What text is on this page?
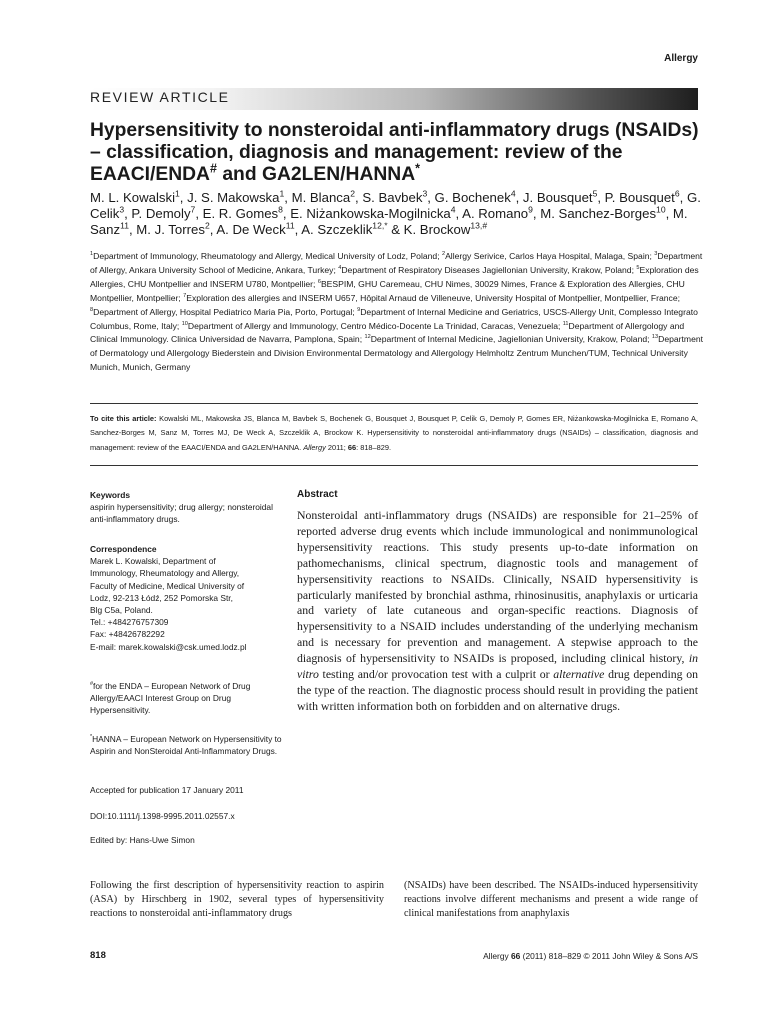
Allergy
REVIEW ARTICLE
Hypersensitivity to nonsteroidal anti-inflammatory drugs (NSAIDs) – classification, diagnosis and management: review of the EAACI/ENDA# and GA2LEN/HANNA*
M. L. Kowalski$^1$, J. S. Makowska$^1$, M. Blanca$^2$, S. Bavbek$^3$, G. Bochenek$^4$, J. Bousquet$^5$, P. Bousquet$^6$, G. Celik$^3$, P. Demoly$^7$, E. R. Gomes$^8$, E. Niżankowska-Mogilnicka$^4$, A. Romano$^9$, M. Sanchez-Borges$^{10}$, M. Sanz$^{11}$, M. J. Torres$^2$, A. De Weck$^{11}$, A. Szczeklik$^{12,*}$ & K. Brockow$^{13,\#}$
$^1$Department of Immunology, Rheumatology and Allergy, Medical University of Lodz, Poland; $^2$Allergy Serivice, Carlos Haya Hospital, Malaga, Spain; $^3$Department of Allergy, Ankara University School of Medicine, Ankara, Turkey; $^4$Department of Respiratory Diseases Jagiellonian University, Krakow, Poland; $^5$Exploration des Allergies, CHU Montpellier and INSERM U780, Montpellier; $^6$BESPIM, GHU Caremeau, CHU Nimes, 30029 Nimes, France & Exploration des Allergies, CHU Montpellier, Montpellier; $^7$Exploration des allergies and INSERM U657, Hôpital Arnaud de Villeneuve, University Hospital of Montpellier, Montpellier, France; $^8$Department of Allergy, Hospital Pediatrico Maria Pia, Porto, Portugal; $^9$Department of Internal Medicine and Geriatrics, USCS-Allergy Unit, Complesso Integrato Columbus, Rome, Italy; $^{10}$Department of Allergy and Immunology, Centro Médico-Docente La Trinidad, Caracas, Venezuela; $^{11}$Department of Allergology and Clinical Immunology. Clinica Universidad de Navarra, Pamplona, Spain; $^{12}$Department of Internal Medicine, Jagiellonian University, Krakow, Poland; $^{13}$Department of Dermatology und Allergology Biederstein and Division Environmental Dermatology and Allergology Helmholtz Zentrum Munchen/TUM, Technical University Munich, Munich, Germany
To cite this article: Kowalski ML, Makowska JS, Blanca M, Bavbek S, Bochenek G, Bousquet J, Bousquet P, Celik G, Demoly P, Gomes ER, Niżankowska-Mogilnicka E, Romano A, Sanchez-Borges M, Sanz M, Torres MJ, De Weck A, Szczeklik A, Brockow K. Hypersensitivity to nonsteroidal anti-inflammatory drugs (NSAIDs) – classification, diagnosis and management: review of the EAACI/ENDA and GA2LEN/HANNA. Allergy 2011; 66: 818–829.
Keywords
aspirin hypersensitivity; drug allergy; nonsteroidal anti-inflammatory drugs.
Correspondence
Marek L. Kowalski, Department of
Immunology, Rheumatology and Allergy,
Faculty of Medicine, Medical University of
Lodz, 92-213 Łódź, 252 Pomorska Str,
Blg C5a, Poland.
Tel.: +484276757309
Fax: +48426782292
E-mail: marek.kowalski@csk.umed.lodz.pl
#for the ENDA – European Network of Drug Allergy/EAACI Interest Group on Drug Hypersensitivity.
*HANNA – European Network on Hypersensitivity to Aspirin and NonSteroidal Anti-Inflammatory Drugs.
Accepted for publication 17 January 2011
DOI:10.1111/j.1398-9995.2011.02557.x
Edited by: Hans-Uwe Simon
Abstract
Nonsteroidal anti-inflammatory drugs (NSAIDs) are responsible for 21–25% of reported adverse drug events which include immunological and nonimmunological hypersensitivity reactions. This study presents up-to-date information on pathomechanisms, clinical spectrum, diagnostic tools and management of hypersensitivity reactions to NSAIDs. Clinically, NSAID hypersensitivity is particularly manifested by bronchial asthma, rhinosinusitis, anaphylaxis or urticaria and variety of late cutaneous and organ-specific reactions. Diagnosis of hypersensitivity to a NSAID includes understanding of the underlying mechanism and is necessary for prevention and management. A stepwise approach to the diagnosis of hypersensitivity to NSAIDs is proposed, including clinical history, in vitro testing and/or provocation test with a culprit or alternative drug depending on the type of the reaction. The diagnostic process should result in providing the patient with written information both on forbidden and on alternative drugs.
Following the first description of hypersensitivity reaction to aspirin (ASA) by Hirschberg in 1902, several types of hypersensitivity reactions to nonsteroidal anti-inflammatory drugs
(NSAIDs) have been described. The NSAIDs-induced hypersensitivity reactions involve different mechanisms and present a wide range of clinical manifestations from anaphylaxis
818	Allergy 66 (2011) 818–829 © 2011 John Wiley & Sons A/S
